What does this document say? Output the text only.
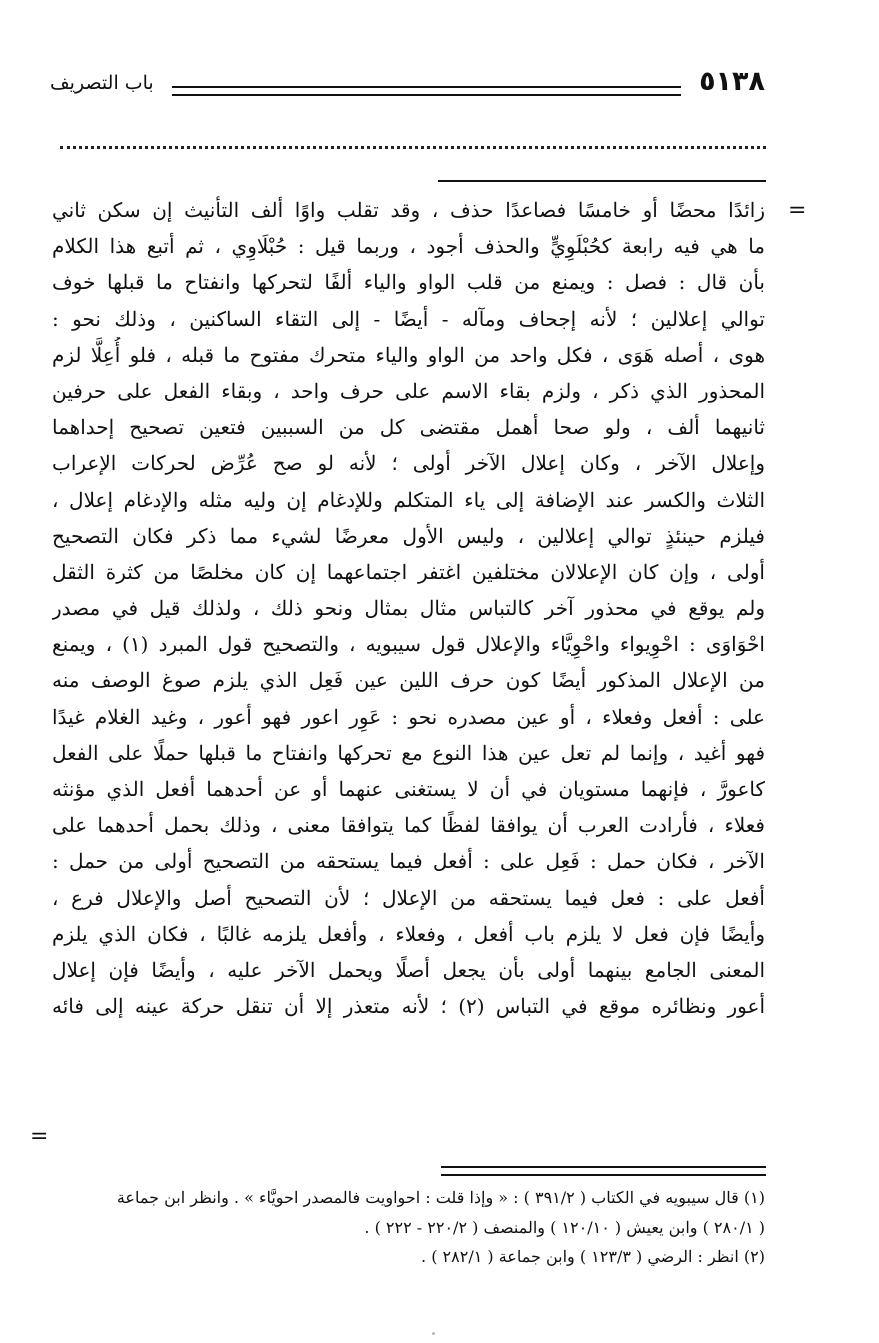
٥١٣٨
باب التصريف
=
زائدًا محضًا أو خامسًا فصاعدًا حذف ، وقد تقلب واوًا ألف التأنيث إن سكن ثاني
ما هي فيه رابعة كحُبْلَوِيٍّ والحذف أجود ، وربما قيل : حُبْلَاوِي ، ثم أتبع هذا الكلام
بأن قال : فصل : ويمنع من قلب الواو والياء ألفًا لتحركها وانفتاح ما قبلها خوف
توالي إعلالين ؛ لأنه إجحاف ومآله - أيضًا - إلى التقاء الساكنين ، وذلك نحو :
هوى ، أصله هَوَى ، فكل واحد من الواو والياء متحرك مفتوح ما قبله ، فلو أُعِلَّا لزم
المحذور الذي ذكر ، ولزم بقاء الاسم على حرف واحد ، وبقاء الفعل على حرفين
ثانيهما ألف ، ولو صحا أهمل مقتضى كل من السببين فتعين تصحيح إحداهما
وإعلال الآخر ، وكان إعلال الآخر أولى ؛ لأنه لو صح عُرِّض لحركات الإعراب
الثلاث والكسر عند الإضافة إلى ياء المتكلم وللإدغام إن وليه مثله والإدغام إعلال ،
فيلزم حينئذٍ توالي إعلالين ، وليس الأول معرضًا لشيء مما ذكر فكان التصحيح
أولى ، وإن كان الإعلالان مختلفين اغتفر اجتماعهما إن كان مخلصًا من كثرة الثقل
ولم يوقع في محذور آخر كالتباس مثال بمثال ونحو ذلك ، ولذلك قيل في مصدر
احْوَاوَى : احْوِيواء واحْوِيَّاء والإعلال قول سيبويه ، والتصحيح قول المبرد (١) ، ويمنع
من الإعلال المذكور أيضًا كون حرف اللين عين فَعِل الذي يلزم صوغ الوصف منه
على : أفعل وفعلاء ، أو عين مصدره نحو : عَوِر اعور فهو أعور ، وغيد الغلام غيدًا
فهو أغيد ، وإنما لم تعل عين هذا النوع مع تحركها وانفتاح ما قبلها حملًا على الفعل
كاعورَّ ، فإنهما مستويان في أن لا يستغنى عنهما أو عن أحدهما أفعل الذي مؤنثه
فعلاء ، فأرادت العرب أن يوافقا لفظًا كما يتوافقا معنى ، وذلك بحمل أحدهما على
الآخر ، فكان حمل : فَعِل على : أفعل فيما يستحقه من التصحيح أولى من حمل :
أفعل على : فعل فيما يستحقه من الإعلال ؛ لأن التصحيح أصل والإعلال فرع ،
وأيضًا فإن فعل لا يلزم باب أفعل ، وفعلاء ، وأفعل يلزمه غالبًا ، فكان الذي يلزم
المعنى الجامع بينهما أولى بأن يجعل أصلًا ويحمل الآخر عليه ، وأيضًا فإن إعلال
أعور ونظائره موقع في التباس (٢) ؛ لأنه متعذر إلا أن تنقل حركة عينه إلى فائه
=
(١) قال سيبويه في الكتاب ( ٣٩١/٢ ) : « وإذا قلت : احواويت فالمصدر احويَّاء » . وانظر ابن جماعة
( ٢٨٠/١ ) وابن يعيش ( ١٢٠/١٠ ) والمنصف ( ٢٢٠/٢ - ٢٢٢ ) .
(٢) انظر : الرضي ( ١٢٣/٣ ) وابن جماعة ( ٢٨٢/١ ) .
